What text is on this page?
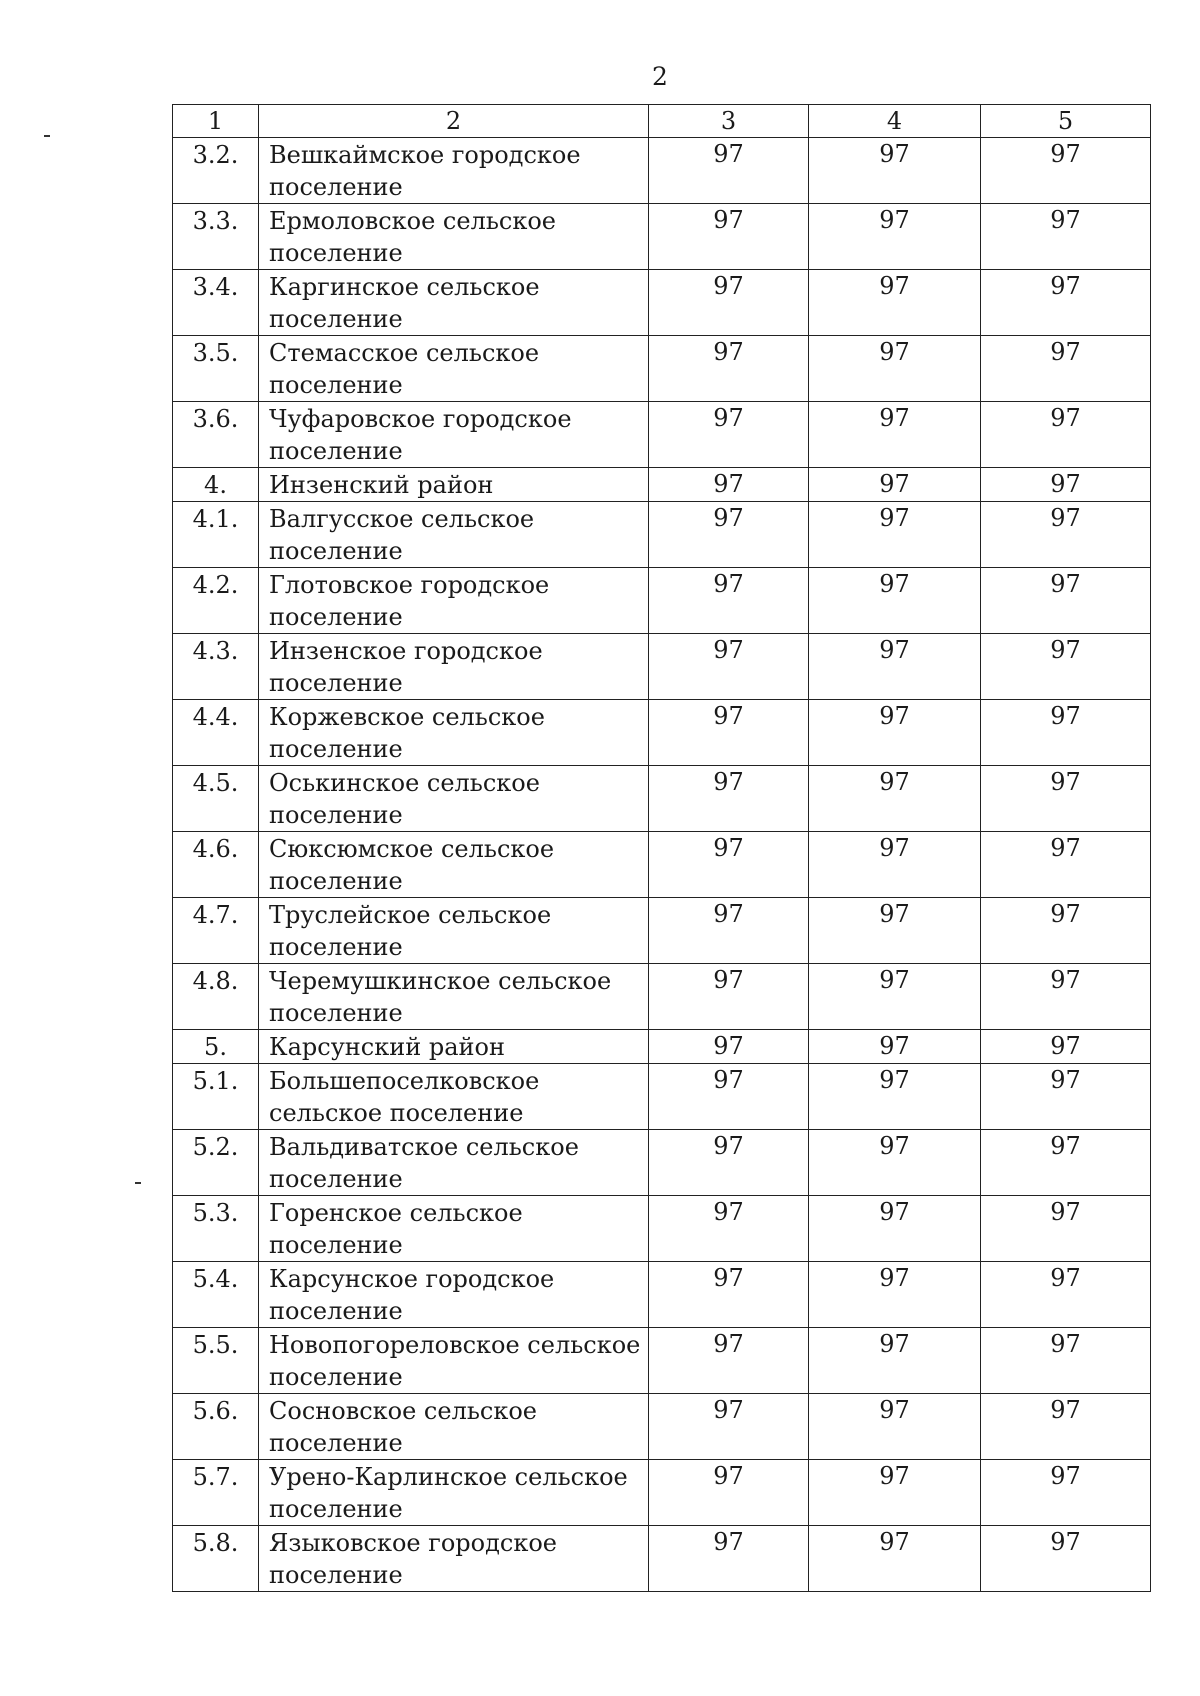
2
1	2	3	4	5
3.2.	Вешкаймское городское поселение	97	97	97
3.3.	Ермоловское сельское поселение	97	97	97
3.4.	Каргинское сельское поселение	97	97	97
3.5.	Стемасское сельское поселение	97	97	97
3.6.	Чуфаровское городское поселение	97	97	97
4.	Инзенский район	97	97	97
4.1.	Валгусское сельское поселение	97	97	97
4.2.	Глотовское городское поселение	97	97	97
4.3.	Инзенское городское поселение	97	97	97
4.4.	Коржевское сельское поселение	97	97	97
4.5.	Оськинское сельское поселение	97	97	97
4.6.	Сюксюмское сельское поселение	97	97	97
4.7.	Труслейское сельское поселение	97	97	97
4.8.	Черемушкинское сельское поселение	97	97	97
5.	Карсунский район	97	97	97
5.1.	Большепоселковское сельское поселение	97	97	97
5.2.	Вальдиватское сельское поселение	97	97	97
5.3.	Горенское сельское поселение	97	97	97
5.4.	Карсунское городское поселение	97	97	97
5.5.	Новопогореловское сельское поселение	97	97	97
5.6.	Сосновское сельское поселение	97	97	97
5.7.	Урено-Карлинское сельское поселение	97	97	97
5.8.	Языковское городское поселение	97	97	97
